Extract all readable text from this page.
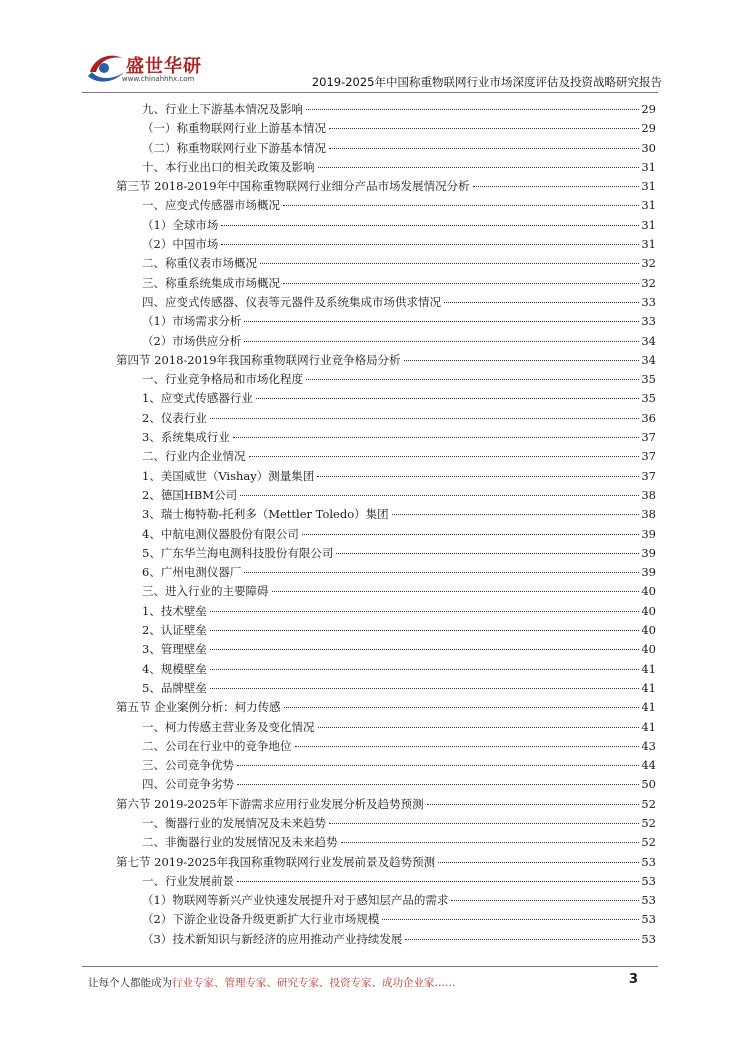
盛世华研
www.chinahhhx.com	2019-2025年中国称重物联网行业市场深度评估及投资战略研究报告
九、行业上下游基本情况及影响	29
（一）称重物联网行业上游基本情况	29
（二）称重物联网行业下游基本情况	30
十、本行业出口的相关政策及影响	31
第三节 2018-2019年中国称重物联网行业细分产品市场发展情况分析	31
一、应变式传感器市场概况	31
（1）全球市场	31
（2）中国市场	31
二、称重仪表市场概况	32
三、称重系统集成市场概况	32
四、应变式传感器、仪表等元器件及系统集成市场供求情况	33
（1）市场需求分析	33
（2）市场供应分析	34
第四节 2018-2019年我国称重物联网行业竞争格局分析	34
一、行业竞争格局和市场化程度	35
1、应变式传感器行业	35
2、仪表行业	36
3、系统集成行业	37
二、行业内企业情况	37
1、美国威世（Vishay）测量集团	37
2、德国HBM公司	38
3、瑞士梅特勒-托利多（Mettler Toledo）集团	38
4、中航电测仪器股份有限公司	39
5、广东华兰海电测科技股份有限公司	39
6、广州电测仪器厂	39
三、进入行业的主要障碍	40
1、技术壁垒	40
2、认证壁垒	40
3、管理壁垒	40
4、规模壁垒	41
5、品牌壁垒	41
第五节 企业案例分析：柯力传感	41
一、柯力传感主营业务及变化情况	41
二、公司在行业中的竞争地位	43
三、公司竞争优势	44
四、公司竞争劣势	50
第六节 2019-2025年下游需求应用行业发展分析及趋势预测	52
一、衡器行业的发展情况及未来趋势	52
二、非衡器行业的发展情况及未来趋势	52
第七节 2019-2025年我国称重物联网行业发展前景及趋势预测	53
一、行业发展前景	53
（1）物联网等新兴产业快速发展提升对于感知层产品的需求	53
（2）下游企业设备升级更新扩大行业市场规模	53
（3）技术新知识与新经济的应用推动产业持续发展	53
让每个人都能成为行业专家、管理专家、研究专家、投资专家、成功企业家……	3
